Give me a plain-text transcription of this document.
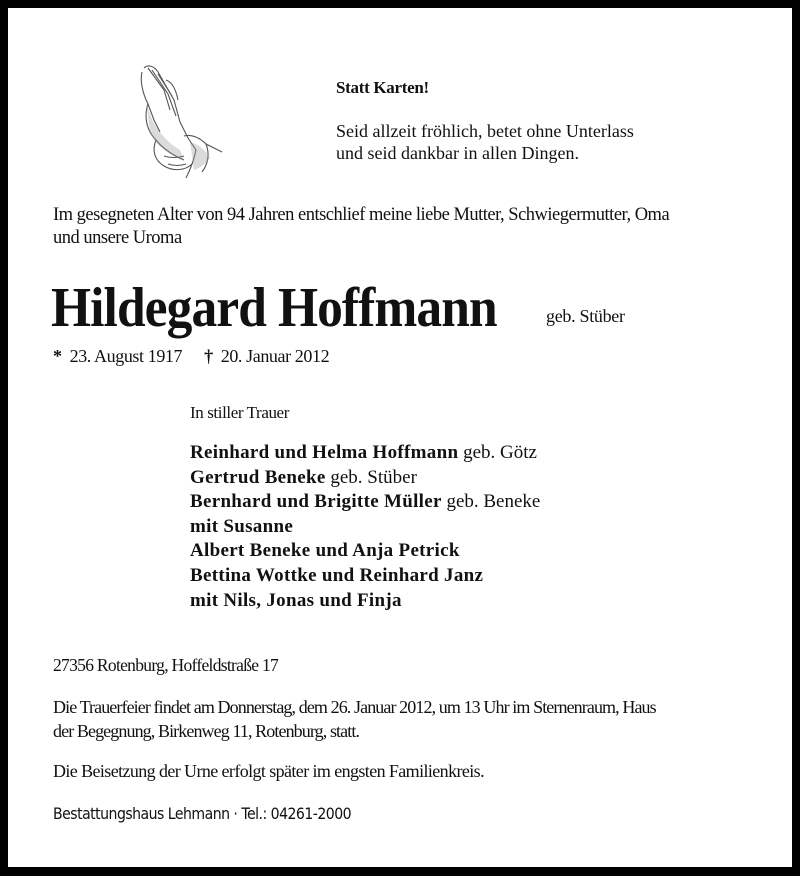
Statt Karten!
Seid allzeit fröhlich, betet ohne Unterlass
und seid dankbar in allen Dingen.
Im gesegneten Alter von 94 Jahren entschlief meine liebe Mutter, Schwiegermutter, Oma
und unsere Uroma
Hildegard Hoffmann	geb. Stüber
* 23. August 1917 † 20. Januar 2012
In stiller Trauer
Reinhard und Helma Hoffmann geb. Götz
Gertrud Beneke geb. Stüber
Bernhard und Brigitte Müller geb. Beneke
mit Susanne
Albert Beneke und Anja Petrick
Bettina Wottke und Reinhard Janz
mit Nils, Jonas und Finja
27356 Rotenburg, Hoffeldstraße 17
Die Trauerfeier findet am Donnerstag, dem 26. Januar 2012, um 13 Uhr im Sternenraum, Haus
der Begegnung, Birkenweg 11, Rotenburg, statt.
Die Beisetzung der Urne erfolgt später im engsten Familienkreis.
Bestattungshaus Lehmann · Tel.: 04261-2000
